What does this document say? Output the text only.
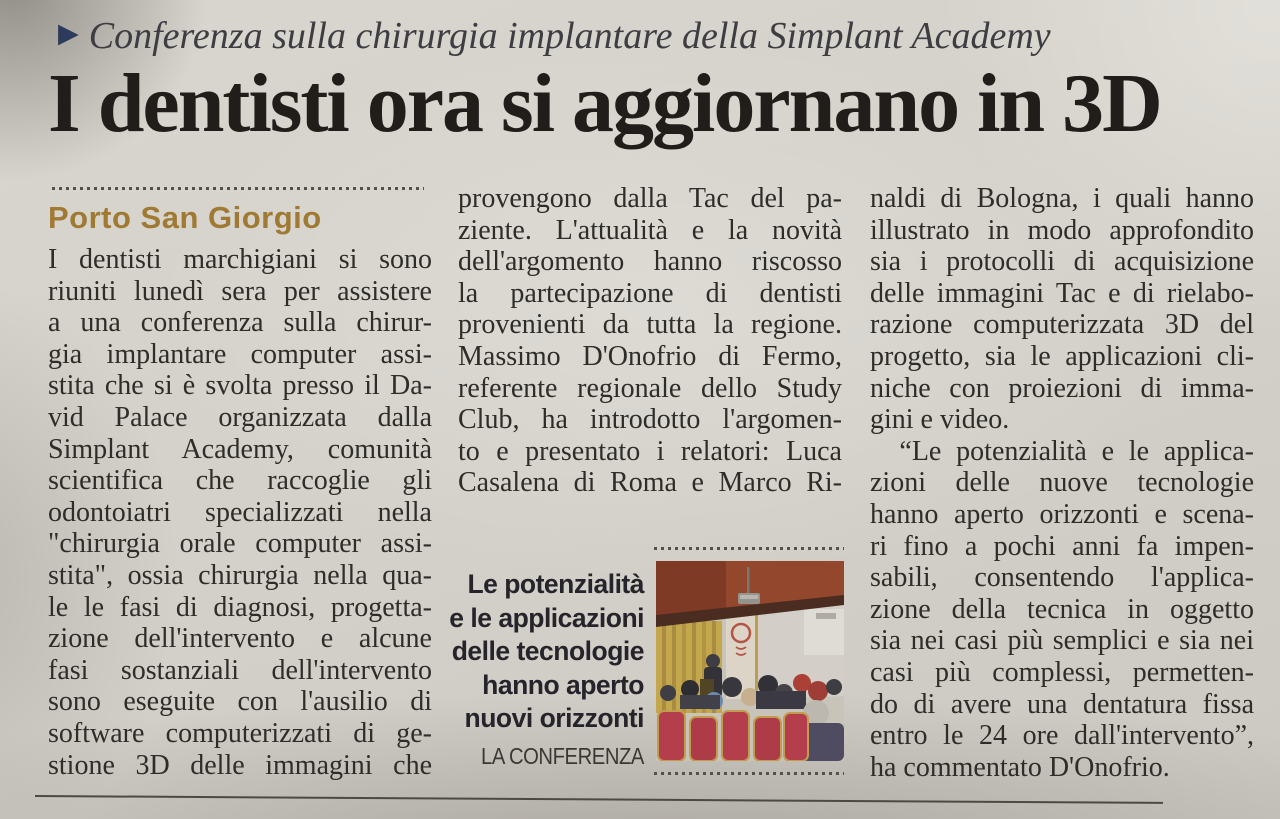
▶ Conferenza sulla chirurgia implantare della Simplant Academy
I dentisti ora si aggiornano in 3D
Porto San Giorgio
I dentisti marchigiani si sono
riuniti lunedì sera per assistere
a una conferenza sulla chirur-
gia implantare computer assi-
stita che si è svolta presso il Da-
vid Palace organizzata dalla
Simplant Academy, comunità
scientifica che raccoglie gli
odontoiatri specializzati nella
"chirurgia orale computer assi-
stita", ossia chirurgia nella qua-
le le fasi di diagnosi, progetta-
zione dell'intervento e alcune
fasi sostanziali dell'intervento
sono eseguite con l'ausilio di
software computerizzati di ge-
stione 3D delle immagini che
provengono dalla Tac del pa-
ziente. L'attualità e la novità
dell'argomento hanno riscosso
la partecipazione di dentisti
provenienti da tutta la regione.
Massimo D'Onofrio di Fermo,
referente regionale dello Study
Club, ha introdotto l'argomen-
to e presentato i relatori: Luca
Casalena di Roma e Marco Ri-
Le potenzialità
e le applicazioni
delle tecnologie
hanno aperto
nuovi orizzonti
LA CONFERENZA
naldi di Bologna, i quali hanno
illustrato in modo approfondito
sia i protocolli di acquisizione
delle immagini Tac e di rielabo-
razione computerizzata 3D del
progetto, sia le applicazioni cli-
niche con proiezioni di imma-
gini e video.
“Le potenzialità e le applica-
zioni delle nuove tecnologie
hanno aperto orizzonti e scena-
ri fino a pochi anni fa impen-
sabili, consentendo l'applica-
zione della tecnica in oggetto
sia nei casi più semplici e sia nei
casi più complessi, permetten-
do di avere una dentatura fissa
entro le 24 ore dall'intervento”,
ha commentato D'Onofrio.
